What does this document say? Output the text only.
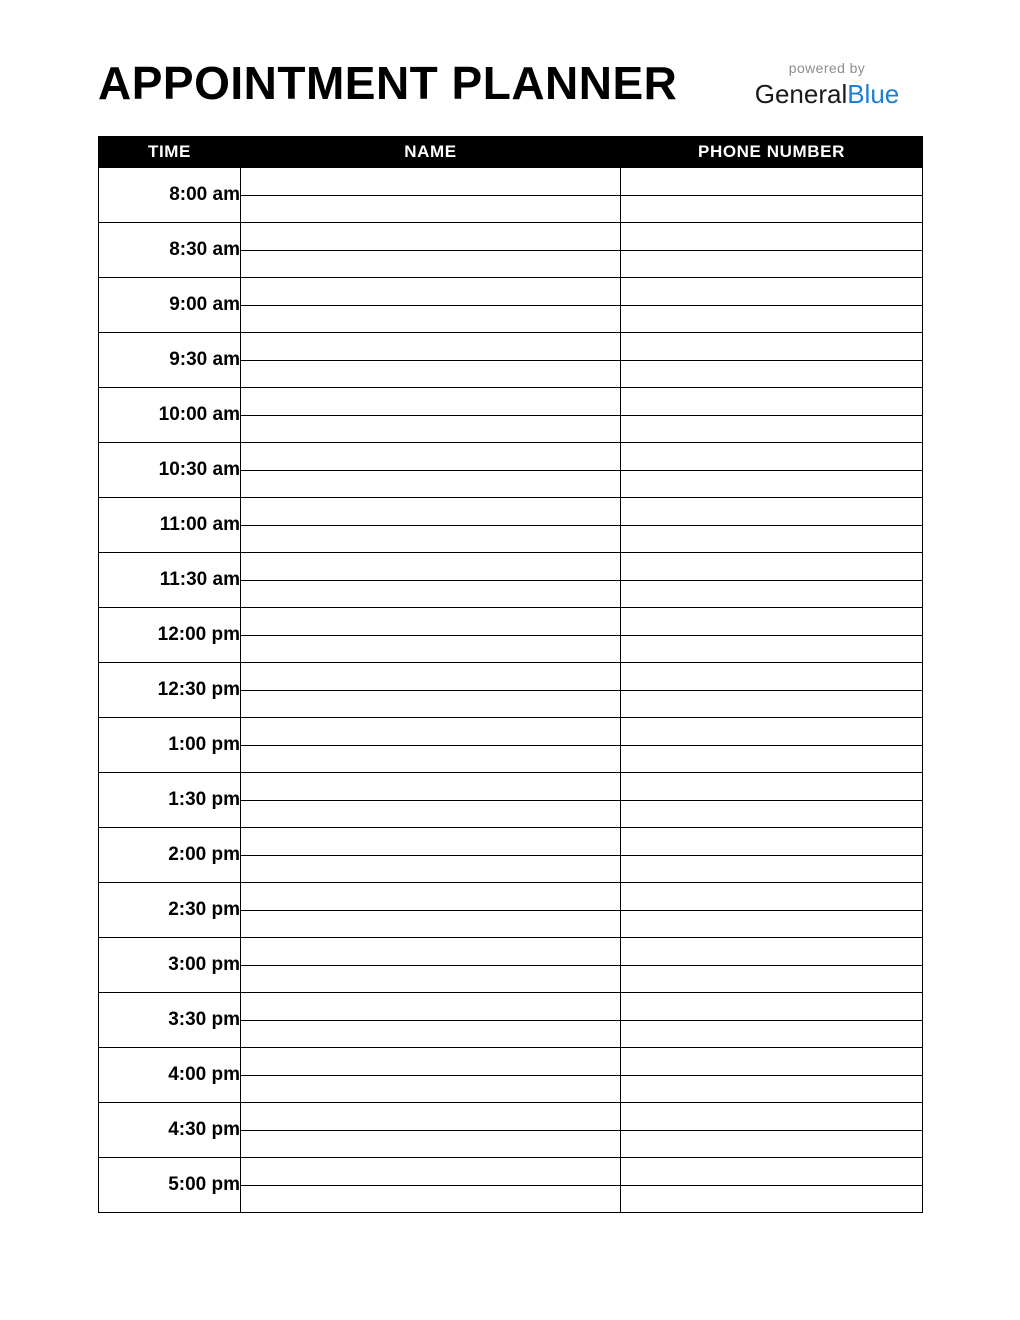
APPOINTMENT PLANNER	powered by
GeneralBlue
TIME	NAME	PHONE NUMBER
8:00 am		
8:30 am		
9:00 am		
9:30 am		
10:00 am		
10:30 am		
11:00 am		
11:30 am		
12:00 pm		
12:30 pm		
1:00 pm		
1:30 pm		
2:00 pm		
2:30 pm		
3:00 pm		
3:30 pm		
4:00 pm		
4:30 pm		
5:00 pm		
